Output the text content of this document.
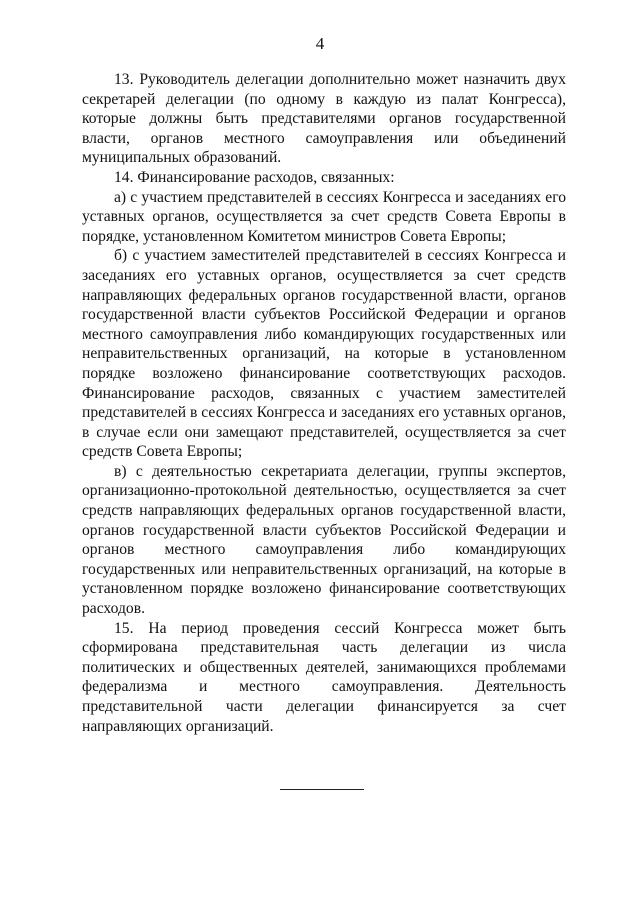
4

13. Руководитель делегации дополнительно может назначить двух секретарей делегации (по одному в каждую из палат Конгресса), которые должны быть представителями органов государственной власти, органов местного самоуправления или объединений муниципальных образований.

14. Финансирование расходов, связанных:

а) с участием представителей в сессиях Конгресса и заседаниях его уставных органов, осуществляется за счет средств Совета Европы в порядке, установленном Комитетом министров Совета Европы;

б) с участием заместителей представителей в сессиях Конгресса и заседаниях его уставных органов, осуществляется за счет средств направляющих федеральных органов государственной власти, органов государственной власти субъектов Российской Федерации и органов местного самоуправления либо командирующих государственных или неправительственных организаций, на которые в установленном порядке возложено финансирование соответствующих расходов. Финансирование расходов, связанных с участием заместителей представителей в сессиях Конгресса и заседаниях его уставных органов, в случае если они замещают представителей, осуществляется за счет средств Совета Европы;

в) с деятельностью секретариата делегации, группы экспертов, организационно-протокольной деятельностью, осуществляется за счет средств направляющих федеральных органов государственной власти, органов государственной власти субъектов Российской Федерации и органов местного самоуправления либо командирующих государственных или неправительственных организаций, на которые в установленном порядке возложено финансирование соответствующих расходов.

15. На период проведения сессий Конгресса может быть сформирована представительная часть делегации из числа политических и общественных деятелей, занимающихся проблемами федерализма и местного самоуправления. Деятельность представительной части делегации финансируется за счет направляющих организаций.
